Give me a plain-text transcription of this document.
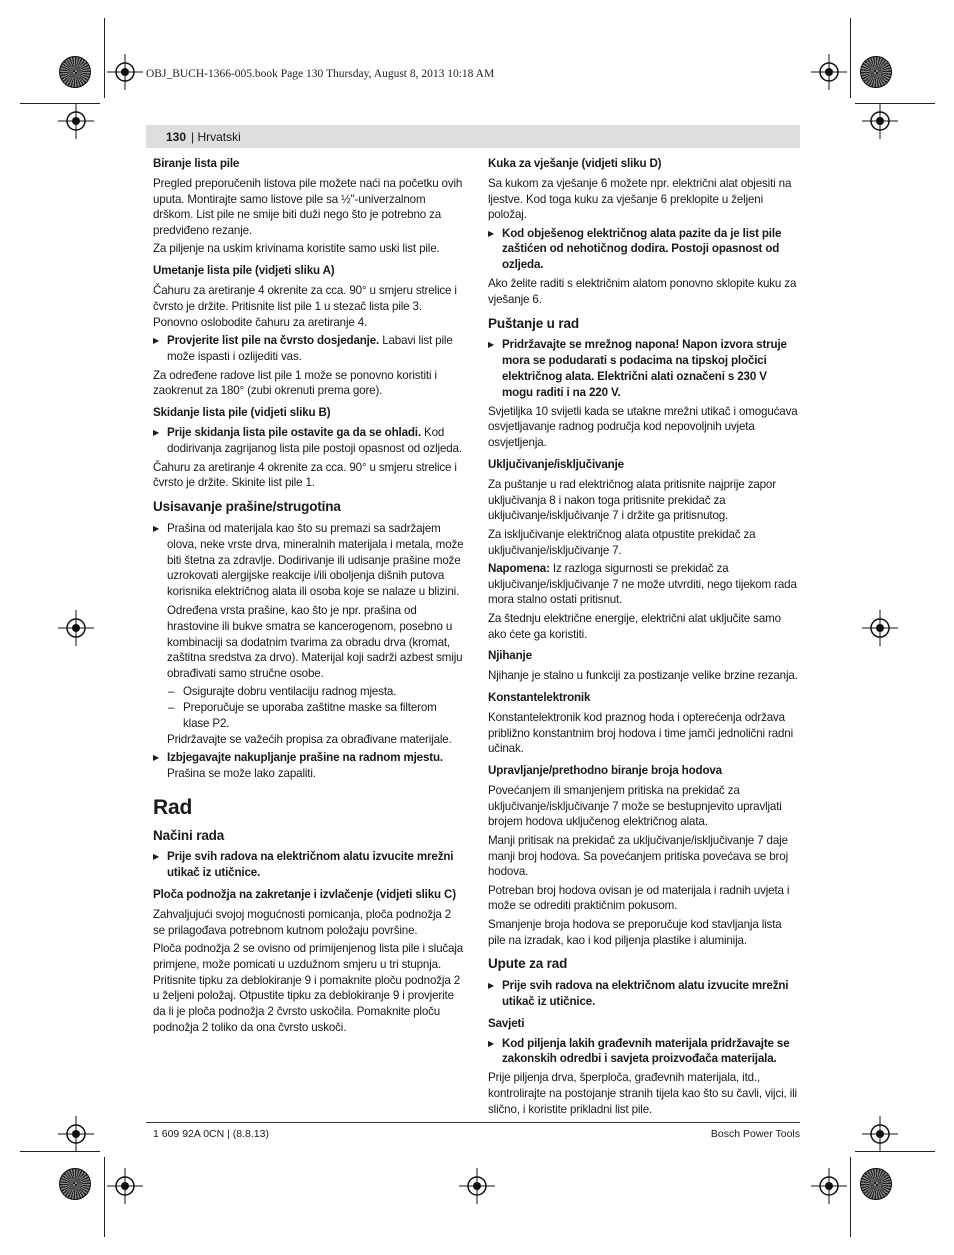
OBJ_BUCH-1366-005.book Page 130 Thursday, August 8, 2013 10:18 AM
130 | Hrvatski

Biranje lista pile

Pregled preporučenih listova pile možete naći na početku ovih uputa. Montirajte samo listove pile sa ½"-univerzalnom drškom. List pile ne smije biti duži nego što je potrebno za predviđeno rezanje.

Za piljenje na uskim krivinama koristite samo uski list pile.

Umetanje lista pile (vidjeti sliku A)

Čahuru za aretiranje 4 okrenite za cca. 90° u smjeru strelice i čvrsto je držite. Pritisnite list pile 1 u stezač lista pile 3. Ponovno oslobodite čahuru za aretiranje 4.

▶ Provjerite list pile na čvrsto dosjedanje. Labavi list pile može ispasti i ozlijediti vas.

Za određene radove list pile 1 može se ponovno koristiti i zaokrenut za 180° (zubi okrenuti prema gore).

Skidanje lista pile (vidjeti sliku B)

▶ Prije skidanja lista pile ostavite ga da se ohladi. Kod dodirivanja zagrijanog lista pile postoji opasnost od ozljeda.

Čahuru za aretiranje 4 okrenite za cca. 90° u smjeru strelice i čvrsto je držite. Skinite list pile 1.

Usisavanje prašine/strugotina

▶ Prašina od materijala kao što su premazi sa sadržajem olova, neke vrste drva, mineralnih materijala i metala, može biti štetna za zdravlje. Dodirivanje ili udisanje prašine može uzrokovati alergijske reakcije i/ili oboljenja dišnih putova korisnika električnog alata ili osoba koje se nalaze u blizini.

Određena vrsta prašine, kao što je npr. prašina od hrastovine ili bukve smatra se kancerogenom, posebno u kombinaciji sa dodatnim tvarima za obradu drva (kromat, zaštitna sredstva za drvo). Materijal koji sadrži azbest smiju obrađivati samo stručne osobe.

– Osigurajte dobru ventilaciju radnog mjesta.

– Preporučuje se uporaba zaštitne maske sa filterom klase P2.

Pridržavajte se važećih propisa za obrađivane materijale.

▶ Izbjegavajte nakupljanje prašine na radnom mjestu.
Prašina se može lako zapaliti.

Rad

Načini rada

▶ Prije svih radova na električnom alatu izvucite mrežni utikač iz utičnice.

Ploča podnožja na zakretanje i izvlačenje (vidjeti sliku C)

Zahvaljujući svojoj mogućnosti pomicanja, ploča podnožja 2 se prilagođava potrebnom kutnom položaju površine.

Ploča podnožja 2 se ovisno od primijenjenog lista pile i slučaja primjene, može pomicati u uzdužnom smjeru u tri stupnja. Pritisnite tipku za deblokiranje 9 i pomaknite ploču podnožja 2 u željeni položaj. Otpustite tipku za deblokiranje 9 i provjerite da li je ploča podnožja 2 čvrsto uskočila. Pomaknite ploču podnožja 2 toliko da ona čvrsto uskoči.

Kuka za vješanje (vidjeti sliku D)

Sa kukom za vješanje 6 možete npr. električni alat objesiti na ljestve. Kod toga kuku za vješanje 6 preklopite u željeni položaj.

▶ Kod obješenog električnog alata pazite da je list pile zaštićen od nehotičnog dodira. Postoji opasnost od ozljeda.

Ako želite raditi s električnim alatom ponovno sklopite kuku za vješanje 6.

Puštanje u rad

▶ Pridržavajte se mrežnog napona! Napon izvora struje mora se podudarati s podacima na tipskoj pločici električnog alata. Električni alati označeni s 230 V mogu raditi i na 220 V.

Svjetiljka 10 svijetli kada se utakne mrežni utikač i omogućava osvjetljavanje radnog područja kod nepovoljnih uvjeta osvjetljenja.

Uključivanje/isključivanje

Za puštanje u rad električnog alata pritisnite najprije zapor uključivanja 8 i nakon toga pritisnite prekidač za uključivanje/isključivanje 7 i držite ga pritisnutog.

Za isključivanje električnog alata otpustite prekidač za uključivanje/isključivanje 7.

Napomena: Iz razloga sigurnosti se prekidač za uključivanje/isključivanje 7 ne može utvrditi, nego tijekom rada mora stalno ostati pritisnut.

Za štednju električne energije, električni alat uključite samo ako ćete ga koristiti.

Njihanje

Njihanje je stalno u funkciji za postizanje velike brzine rezanja.

Konstantelektronik

Konstantelektronik kod praznog hoda i opterećenja održava približno konstantnim broj hodova i time jamči jednolični radni učinak.

Upravljanje/prethodno biranje broja hodova

Povećanjem ili smanjenjem pritiska na prekidač za uključivanje/isključivanje 7 može se bestupnjevito upravljati brojem hodova uključenog električnog alata.

Manji pritisak na prekidač za uključivanje/isključivanje 7 daje manji broj hodova. Sa povećanjem pritiska povećava se broj hodova.

Potreban broj hodova ovisan je od materijala i radnih uvjeta i može se odrediti praktičnim pokusom.

Smanjenje broja hodova se preporučuje kod stavljanja lista pile na izradak, kao i kod piljenja plastike i aluminija.

Upute za rad

▶ Prije svih radova na električnom alatu izvucite mrežni utikač iz utičnice.

Savjeti

▶ Kod piljenja lakih građevnih materijala pridržavajte se zakonskih odredbi i savjeta proizvođača materijala.

Prije piljenja drva, šperploča, građevnih materijala, itd., kontrolirajte na postojanje stranih tijela kao što su čavli, vijci, ili slično, i koristite prikladni list pile.

1 609 92A 0CN | (8.8.13)	Bosch Power Tools
